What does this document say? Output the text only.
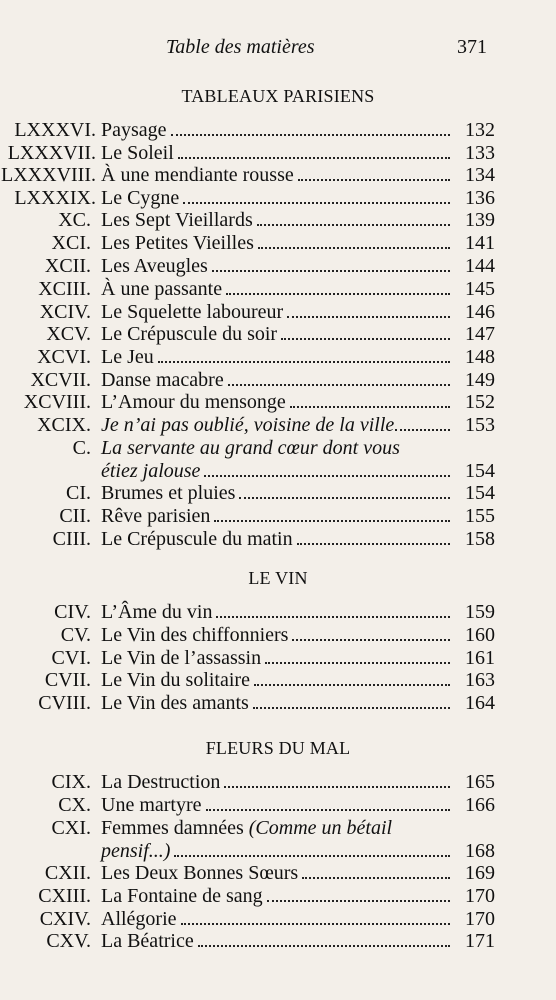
Table des matières	371
TABLEAUX PARISIENS
LXXXVI. Paysage	132
LXXXVII. Le Soleil	133
LXXXVIII. À une mendiante rousse	134
LXXXIX. Le Cygne	136
XC. Les Sept Vieillards	139
XCI. Les Petites Vieilles	141
XCII. Les Aveugles	144
XCIII. À une passante	145
XCIV. Le Squelette laboureur	146
XCV. Le Crépuscule du soir	147
XCVI. Le Jeu	148
XCVII. Danse macabre	149
XCVIII. L’Amour du mensonge	152
XCIX. Je n’ai pas oublié, voisine de la ville	153
C. La servante au grand cœur dont vous
étiez jalouse	154
CI. Brumes et pluies	154
CII. Rêve parisien	155
CIII. Le Crépuscule du matin	158
LE VIN
CIV. L’Âme du vin	159
CV. Le Vin des chiffonniers	160
CVI. Le Vin de l’assassin	161
CVII. Le Vin du solitaire	163
CVIII. Le Vin des amants	164
FLEURS DU MAL
CIX. La Destruction	165
CX. Une martyre	166
CXI. Femmes damnées (Comme un bétail
pensif...)	168
CXII. Les Deux Bonnes Sœurs	169
CXIII. La Fontaine de sang	170
CXIV. Allégorie	170
CXV. La Béatrice	171
